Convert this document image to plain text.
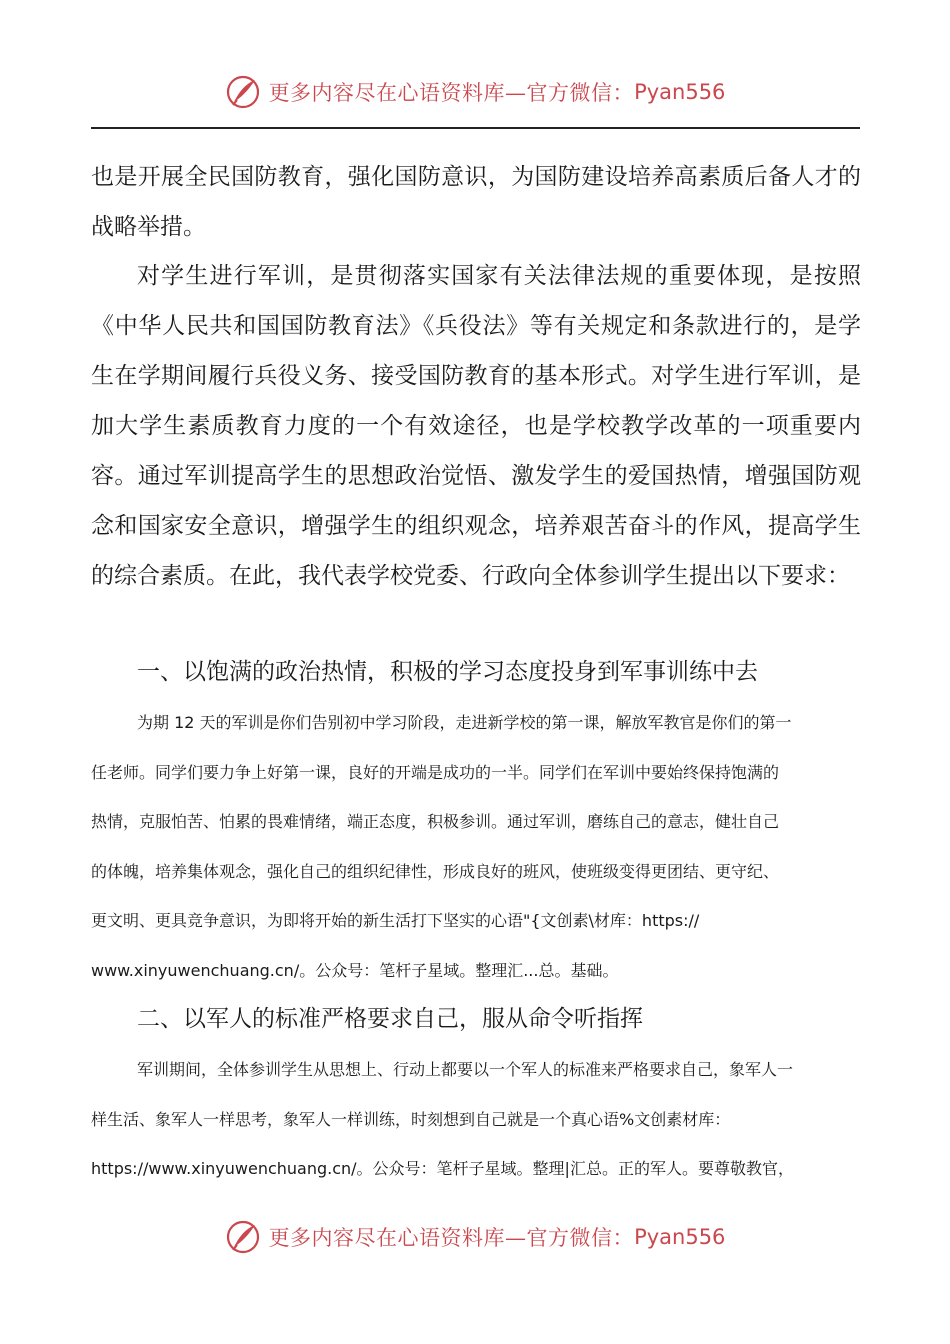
更多内容尽在心语资料库—官方微信： Pyan556

也是开展全民国防教育，强化国防意识，为国防建设培养高素质后备人才的战略举措。

对学生进行军训，是贯彻落实国家有关法律法规的重要体现，是按照《中华人民共和国国防教育法》《兵役法》等有关规定和条款进行的，是学生在学期间履行兵役义务、接受国防教育的基本形式。对学生进行军训，是加大学生素质教育力度的一个有效途径，也是学校教学改革的一项重要内容。通过军训提高学生的思想政治觉悟、激发学生的爱国热情，增强国防观念和国家安全意识，增强学生的组织观念，培养艰苦奋斗的作风，提高学生的综合素质。在此，我代表学校党委、行政向全体参训学生提出以下要求：

一、以饱满的政治热情，积极的学习态度投身到军事训练中去

为期 12 天的军训是你们告别初中学习阶段，走进新学校的第一课，解放军教官是你们的第一
任老师。同学们要力争上好第一课，良好的开端是成功的一半。同学们在军训中要始终保持饱满的
热情，克服怕苦、怕累的畏难情绪，端正态度，积极参训。通过军训，磨练自己的意志，健壮自己
的体魄，培养集体观念，强化自己的组织纪律性，形成良好的班风，使班级变得更团结、更守纪、
更文明、更具竞争意识，为即将开始的新生活打下坚实的心语"{文创素\材库：https://
www.xinyuwenchuang.cn/。公众号：笔杆子星域。整理汇...总。基础。

二、以军人的标准严格要求自己，服从命令听指挥

军训期间，全体参训学生从思想上、行动上都要以一个军人的标准来严格要求自己，象军人一
样生活、象军人一样思考，象军人一样训练，时刻想到自己就是一个真心语%文创素材库：
https://www.xinyuwenchuang.cn/。公众号：笔杆子星域。整理|汇总。正的军人。要尊敬教官，
更多内容尽在心语资料库—官方微信： Pyan556
